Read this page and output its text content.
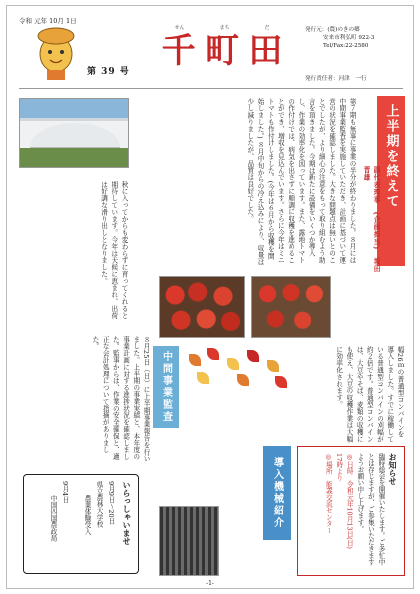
令和 元年 10月 1日
第 39 号
せん	まち	だ
千 町 田
発行元：(農)のきの郷
安来市利弘町 922-3
Tel/Fax:22-2580
発行責任者：河津　一行
上半期を終えて
副代表理事　(企画担当)　坂田晋雄
第７期も無事に事業の半分が終わりました。８月には中間事業監査を実施していただき、計画に基づいて運営の状況を確認しました。大きな問題点は無いとのことでしたが、より細心の注意をもって取り組むよう助言を頂きました。今期は新たに設備をいくつか導入し、作業の効率化を図っています。また、露地トマトの作付けでは、病気を出さずに順調に収穫を進めることができ、増収を見込んでいます。さらに今年はミニトマトも作付けしました。(今年は６月から収穫を開始しました。) ８月中旬からの冷え込みにより、収量は少し減りましたが、品質は良好でした。
秋に入ってからも変わらずに育ってくれると期待しています。今年は天候に恵まれ、出荷は好調な滑り出しとなりました。
中間事業監査
８月25日（日）に上半期事業報告を行いました。上半期の事業実績と、本年度の事業計画に対する進捗状況を確認しました。監事からは、作業の安全確保と、適正な会計処理について指摘がありました。
幅26ｍの普通型コンバインを導入しました。すでに稼働している普通型コンバインの刈幅が約２倍です。普通型コンバインは、大豆やそば、麦類の収穫にも使え、大豆の収穫作業は大幅に効率化されます。
導入機械紹介	お知らせ
臨時総会を開催いたします。ご多忙中とは存じますが、ご参集いただきますようお願い申し上げます。
◎日時　令和元年10月13日(日)
17時より
◎場所　能義交流センター
いらっしゃいませ
9月9日〜20日
県立農林大学校
農業体験受入
9月4日
中国四国農政局
-1-
